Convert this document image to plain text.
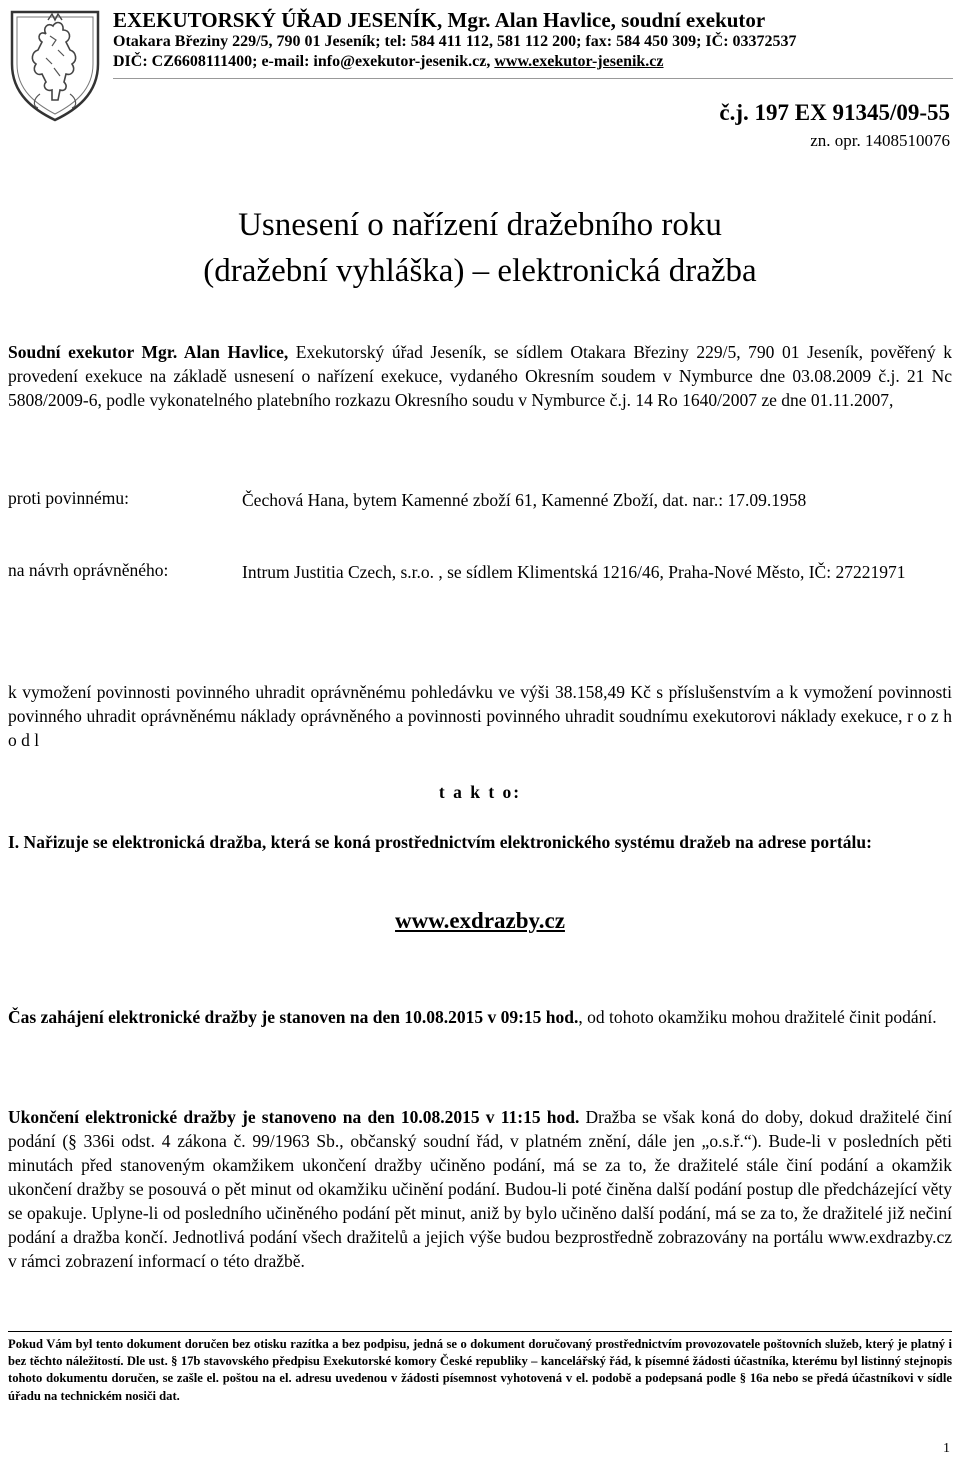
EXEKUTORSKÝ ÚŘAD JESENÍK, Mgr. Alan Havlice, soudní exekutor
Otakara Březiny 229/5, 790 01 Jeseník; tel: 584 411 112, 581 112 200; fax: 584 450 309; IČ: 03372537
DIČ: CZ6608111400; e-mail: info@exekutor-jesenik.cz, www.exekutor-jesenik.cz
č.j. 197 EX 91345/09-55
zn. opr. 1408510076
Usnesení o nařízení dražebního roku
(dražební vyhláška) – elektronická dražba
Soudní exekutor Mgr. Alan Havlice, Exekutorský úřad Jeseník, se sídlem Otakara Březiny 229/5, 790 01 Jeseník, pověřený k provedení exekuce na základě usnesení o nařízení exekuce, vydaného Okresním soudem v Nymburce dne 03.08.2009 č.j. 21 Nc 5808/2009-6, podle vykonatelného platebního rozkazu Okresního soudu v Nymburce č.j. 14 Ro 1640/2007 ze dne 01.11.2007,
proti povinnému:	Čechová Hana, bytem Kamenné zboží 61, Kamenné Zboží, dat. nar.: 17.09.1958
na návrh oprávněného:	Intrum Justitia Czech, s.r.o. , se sídlem Klimentská 1216/46, Praha-Nové Město, IČ: 27221971
k vymožení povinnosti povinného uhradit oprávněnému pohledávku ve výši 38.158,49 Kč s příslušenstvím a k vymožení povinnosti povinného uhradit oprávněnému náklady oprávněného a povinnosti povinného uhradit soudnímu exekutorovi náklady exekuce, r o z h o d l
t a k t o:
I. Nařizuje se elektronická dražba, která se koná prostřednictvím elektronického systému dražeb na adrese portálu:
www.exdrazby.cz
Čas zahájení elektronické dražby je stanoven na den 10.08.2015 v 09:15 hod., od tohoto okamžiku mohou dražitelé činit podání.
Ukončení elektronické dražby je stanoveno na den 10.08.2015 v 11:15 hod. Dražba se však koná do doby, dokud dražitelé činí podání (§ 336i odst. 4 zákona č. 99/1963 Sb., občanský soudní řád, v platném znění, dále jen „o.s.ř.“). Bude-li v posledních pěti minutách před stanoveným okamžikem ukončení dražby učiněno podání, má se za to, že dražitelé stále činí podání a okamžik ukončení dražby se posouvá o pět minut od okamžiku učinění podání. Budou-li poté činěna další podání postup dle předcházející věty se opakuje. Uplyne-li od posledního učiněného podání pět minut, aniž by bylo učiněno další podání, má se za to, že dražitelé již nečiní podání a dražba končí. Jednotlivá podání všech dražitelů a jejich výše budou bezprostředně zobrazovány na portálu www.exdrazby.cz v rámci zobrazení informací o této dražbě.
Pokud Vám byl tento dokument doručen bez otisku razítka a bez podpisu, jedná se o dokument doručovaný prostřednictvím provozovatele poštovních služeb, který je platný i bez těchto náležitostí. Dle ust. § 17b stavovského předpisu Exekutorské komory České republiky – kancelářský řád, k písemné žádosti účastníka, kterému byl listinný stejnopis tohoto dokumentu doručen, se zašle el. poštou na el. adresu uvedenou v žádosti písemnost vyhotovená v el. podobě a podepsaná podle § 16a nebo se předá účastníkovi v sídle úřadu na technickém nosiči dat.
1
